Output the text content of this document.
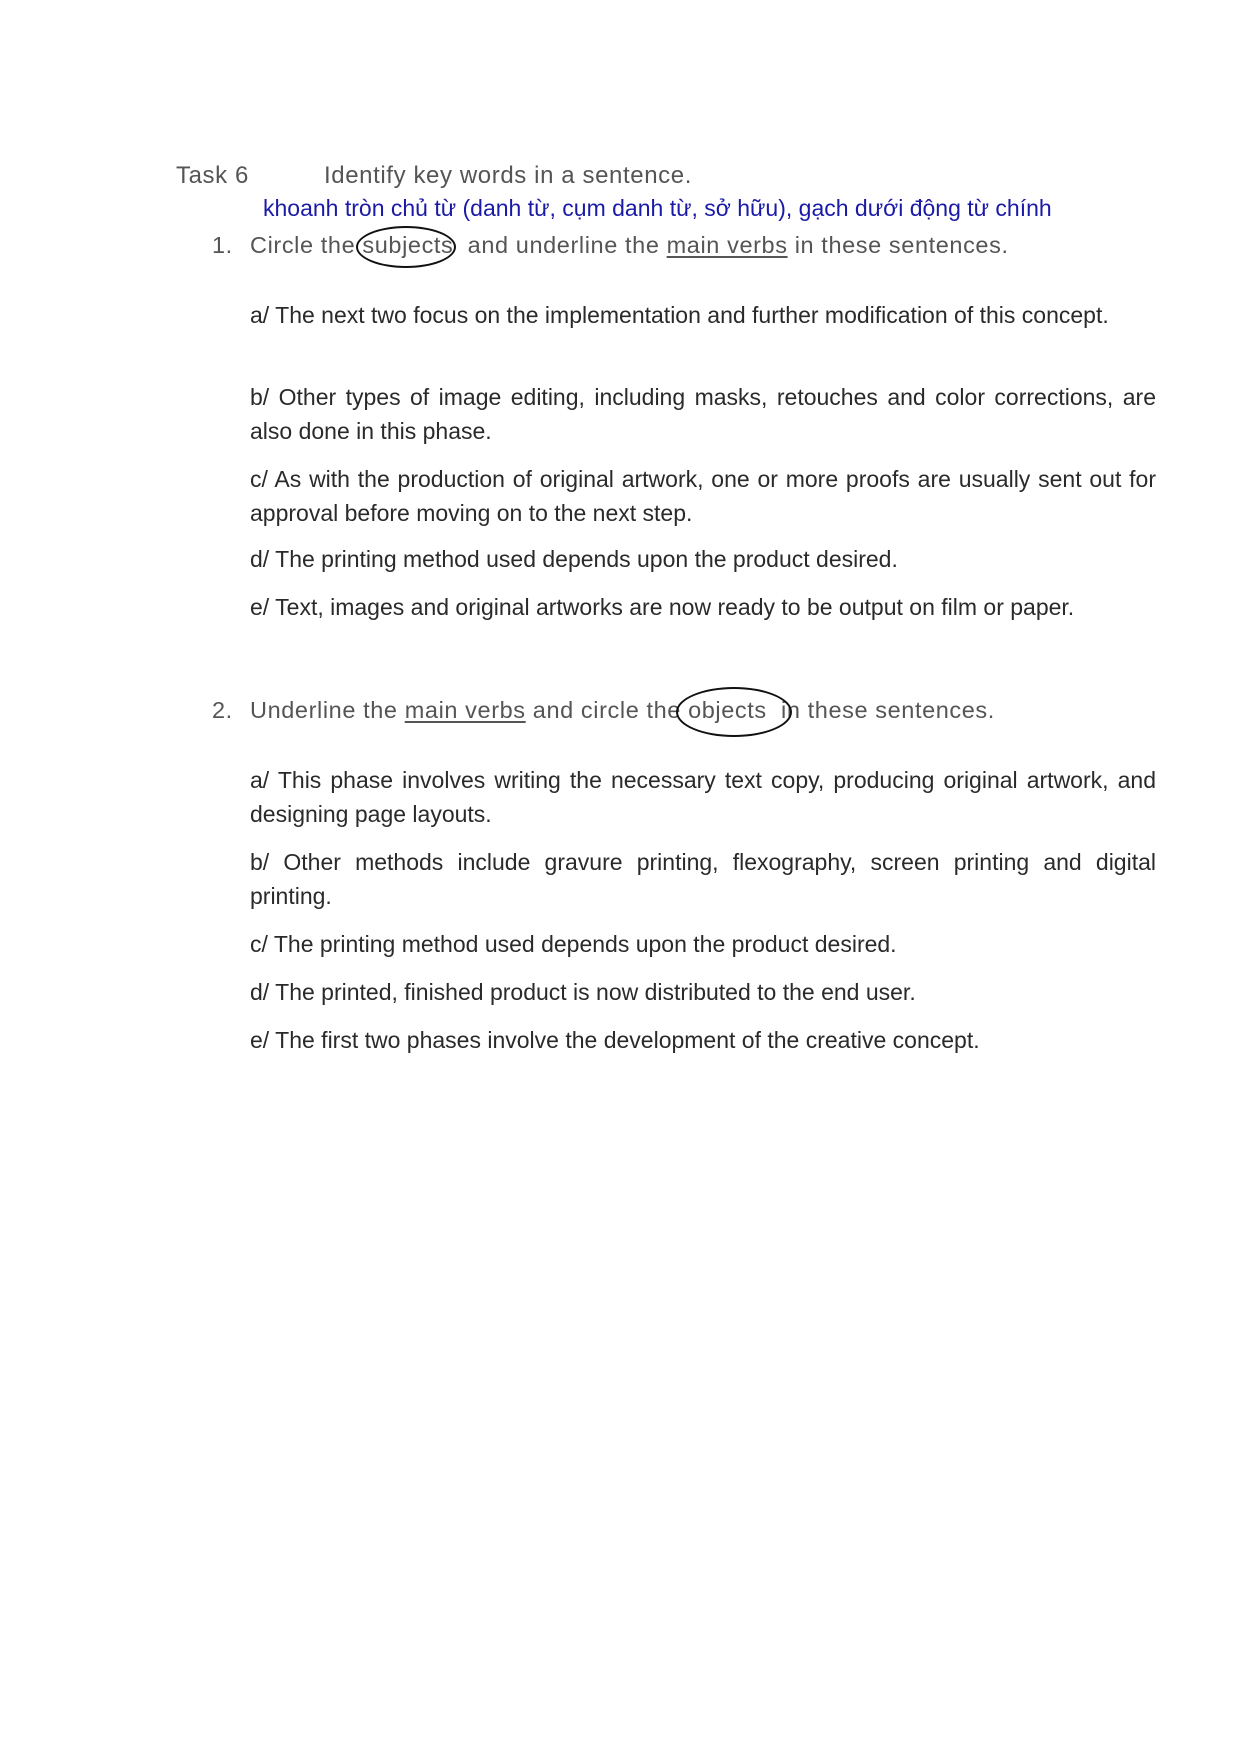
Task 6	Identify key words in a sentence.
khoanh tròn chủ từ (danh từ, cụm danh từ, sở hữu), gạch dưới động từ chính
1. Circle the subjects
and underline the main verbs in these sentences.
a/ The next two focus on the implementation and further modification of this concept.
b/ Other types of image editing, including masks, retouches and color corrections, are also done in this phase.
c/ As with the production of original artwork, one or more proofs are usually sent out for approval before moving on to the next step.
d/ The printing method used depends upon the product desired.
e/ Text, images and original artworks are now ready to be output on film or paper.
2. Underline the main verbs and circle the objects
in these sentences.
a/ This phase involves writing the necessary text copy, producing original artwork, and designing page layouts.
b/ Other methods include gravure printing, flexography, screen printing and digital printing.
c/ The printing method used depends upon the product desired.
d/ The printed, finished product is now distributed to the end user.
e/ The first two phases involve the development of the creative concept.
